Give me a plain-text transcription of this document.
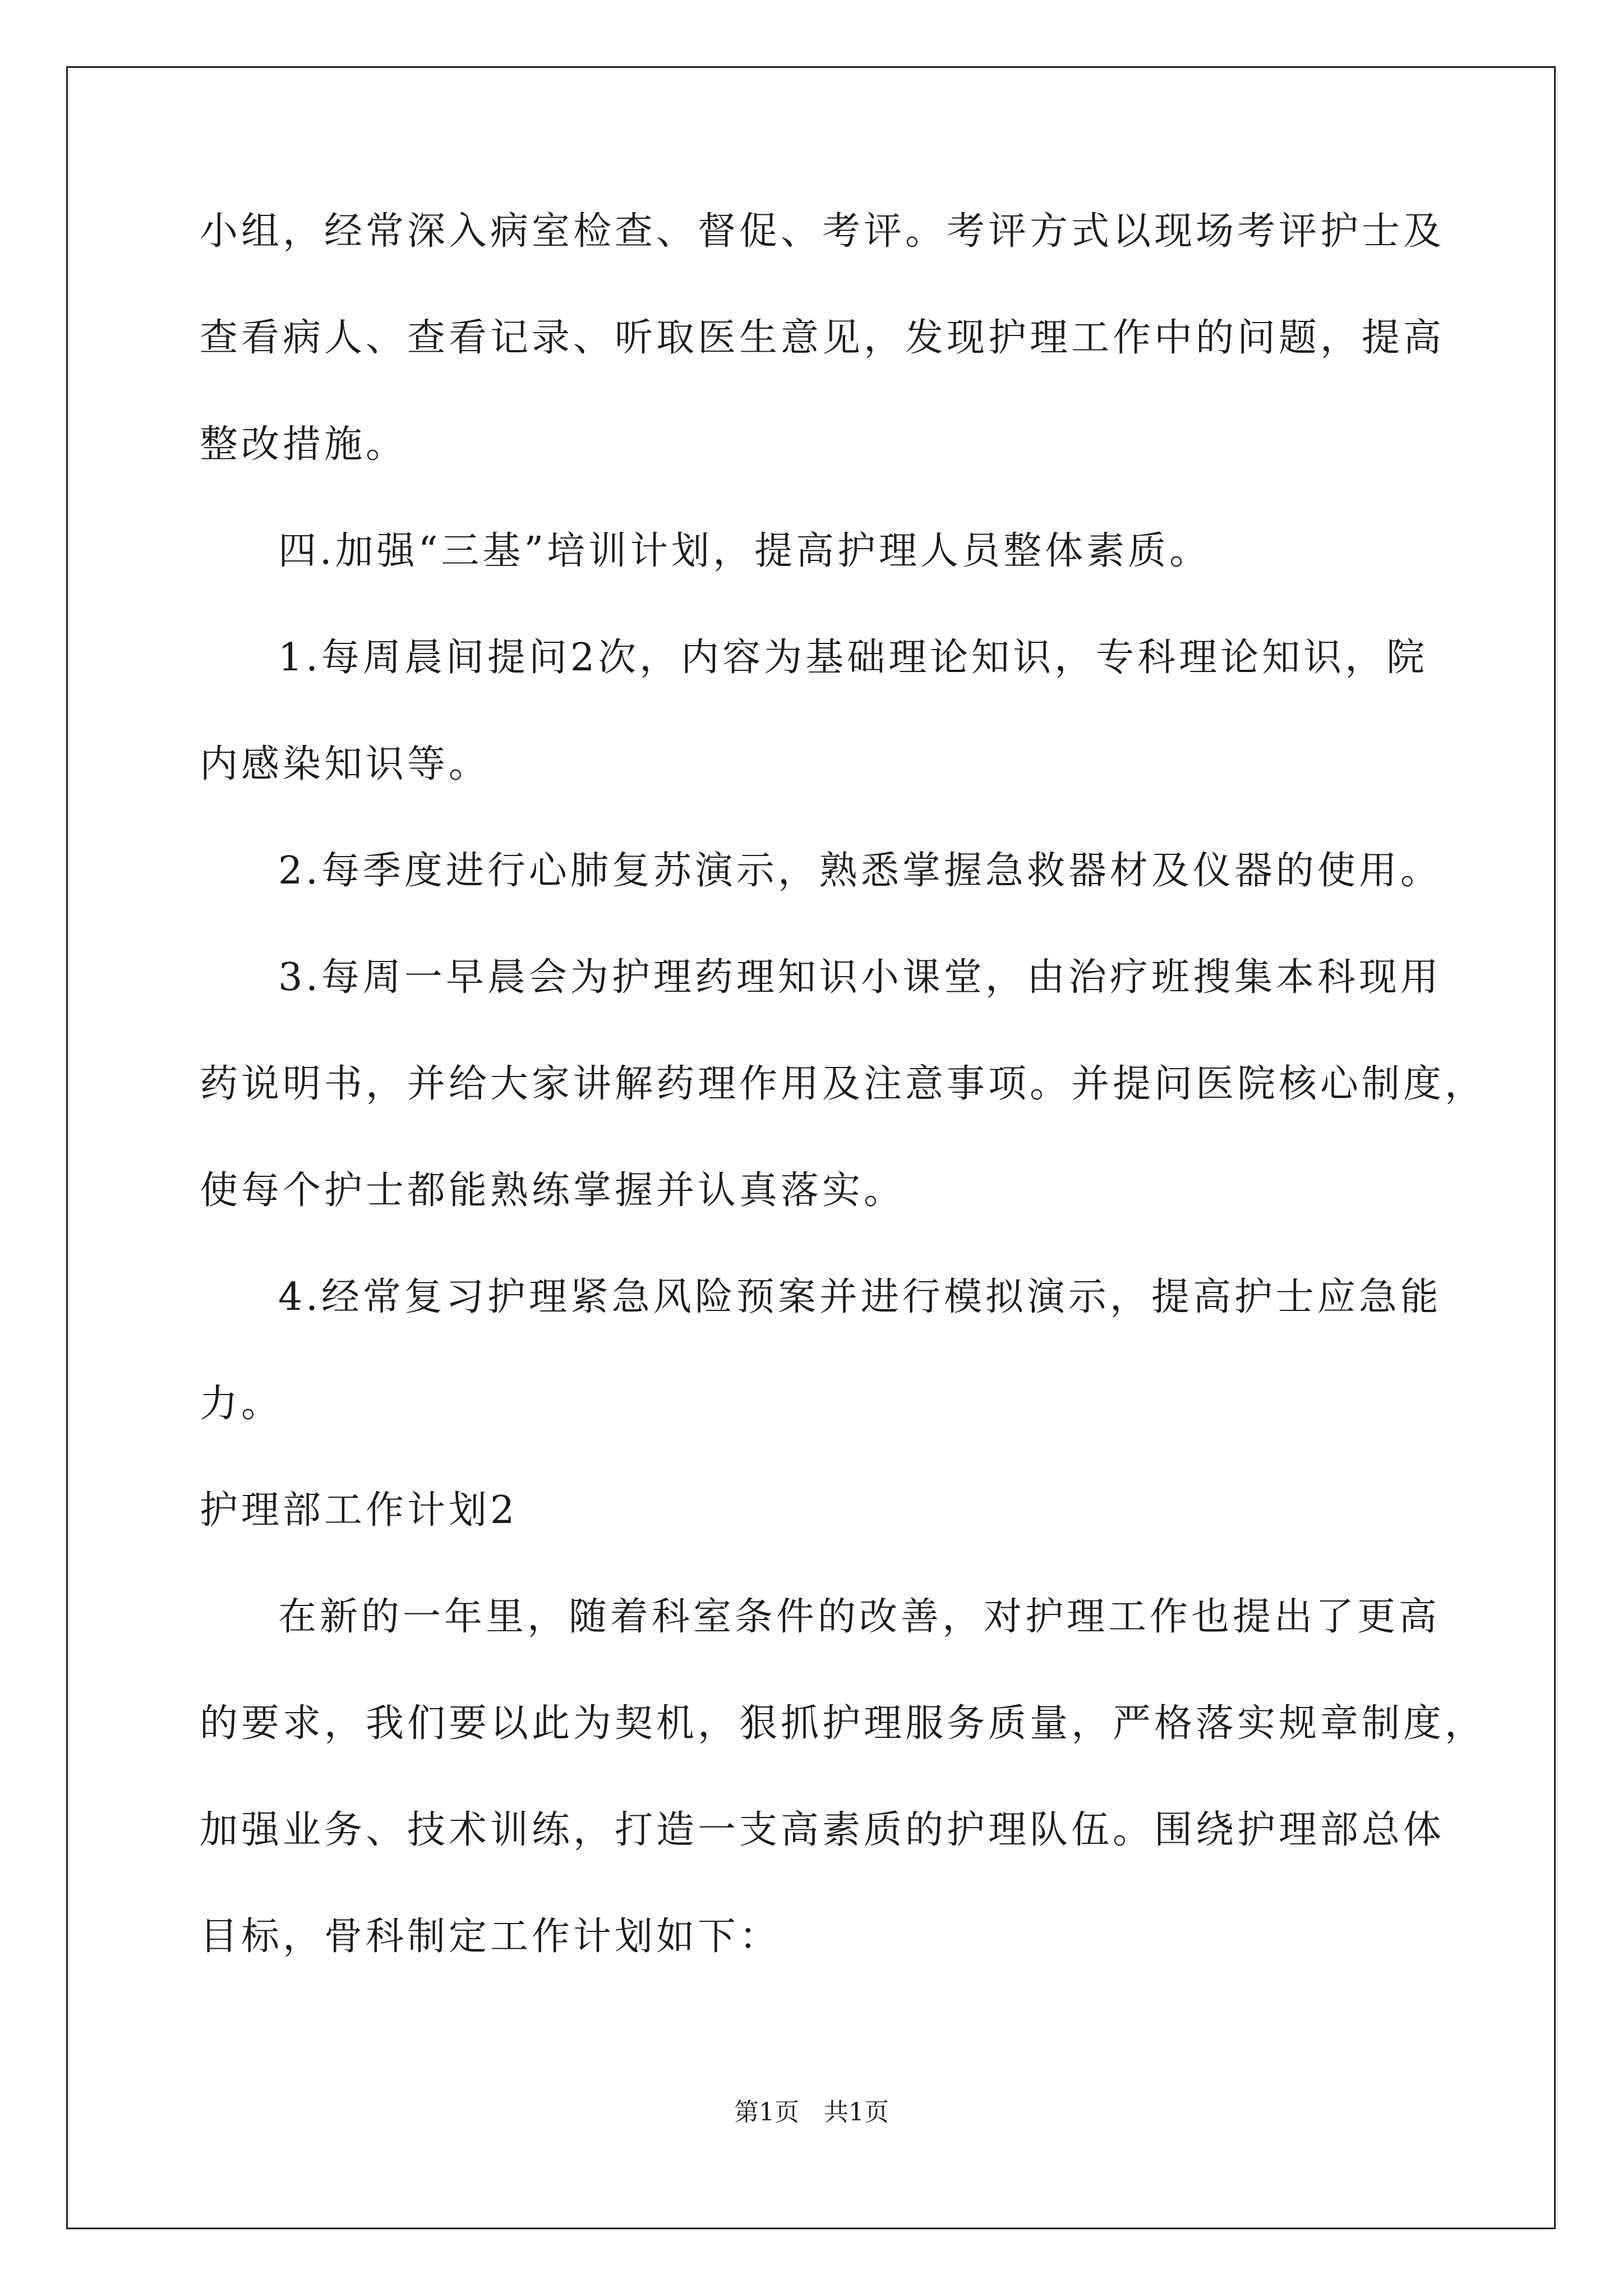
小组，经常深入病室检查、督促、考评。考评方式以现场考评护士及
查看病人、查看记录、听取医生意见，发现护理工作中的问题，提高
整改措施。
四.加强“三基”培训计划，提高护理人员整体素质。
1.每周晨间提问2次，内容为基础理论知识，专科理论知识，院
内感染知识等。
2.每季度进行心肺复苏演示，熟悉掌握急救器材及仪器的使用。
3.每周一早晨会为护理药理知识小课堂，由治疗班搜集本科现用
药说明书，并给大家讲解药理作用及注意事项。并提问医院核心制度，
使每个护士都能熟练掌握并认真落实。
4.经常复习护理紧急风险预案并进行模拟演示，提高护士应急能
力。
护理部工作计划2
在新的一年里，随着科室条件的改善，对护理工作也提出了更高
的要求，我们要以此为契机，狠抓护理服务质量，严格落实规章制度，
加强业务、技术训练，打造一支高素质的护理队伍。围绕护理部总体
目标，骨科制定工作计划如下：
第1页　共1页
